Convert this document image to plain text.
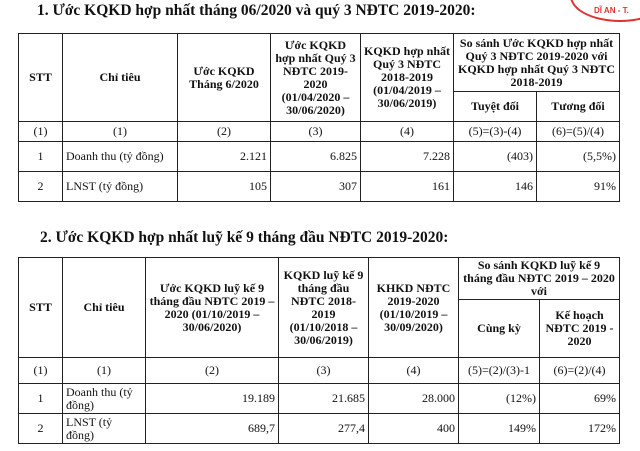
DĨ AN - T.
1. Ước KQKD hợp nhất tháng 06/2020 và quý 3 NĐTC 2019-2020:
STT	Chỉ tiêu	Ước KQKD Tháng 6/2020	Ước KQKD hợp nhất Quý 3 NĐTC 2019-2020 (01/04/2020 – 30/06/2020)	KQKD hợp nhất Quý 3 NĐTC 2018-2019 (01/04/2019 – 30/06/2019)	So sánh Ước KQKD hợp nhất Quý 3 NĐTC 2019-2020 với KQKD hợp nhất Quý 3 NĐTC 2018-2019	
					Tuyệt đối	Tương đối
(1)	(1)	(2)	(3)	(4)	(5)=(3)-(4)	(6)=(5)/(4)
1	Doanh thu (tỷ đồng)	2.121	6.825	7.228	(403)	(5,5%)
2	LNST (tỷ đồng)	105	307	161	146	91%
2. Ước KQKD hợp nhất luỹ kế 9 tháng đầu NĐTC 2019-2020:
STT	Chỉ tiêu	Ước KQKD luỹ kế 9 tháng đầu NĐTC 2019 – 2020 (01/10/2019 – 30/06/2020)	KQKD luỹ kế 9 tháng đầu NĐTC 2018-2019 (01/10/2018 – 30/06/2019)	KHKD NĐTC 2019-2020 (01/10/2019 – 30/09/2020)	So sánh KQKD luỹ kế 9 tháng đầu NĐTC 2019 – 2020 với	
					Cùng kỳ	Kế hoạch NĐTC 2019 - 2020
(1)	(1)	(2)	(3)	(4)	(5)=(2)/(3)-1	(6)=(2)/(4)
1	Doanh thu (tỷ đồng)	19.189	21.685	28.000	(12%)	69%
2	LNST (tỷ đồng)	689,7	277,4	400	149%	172%
